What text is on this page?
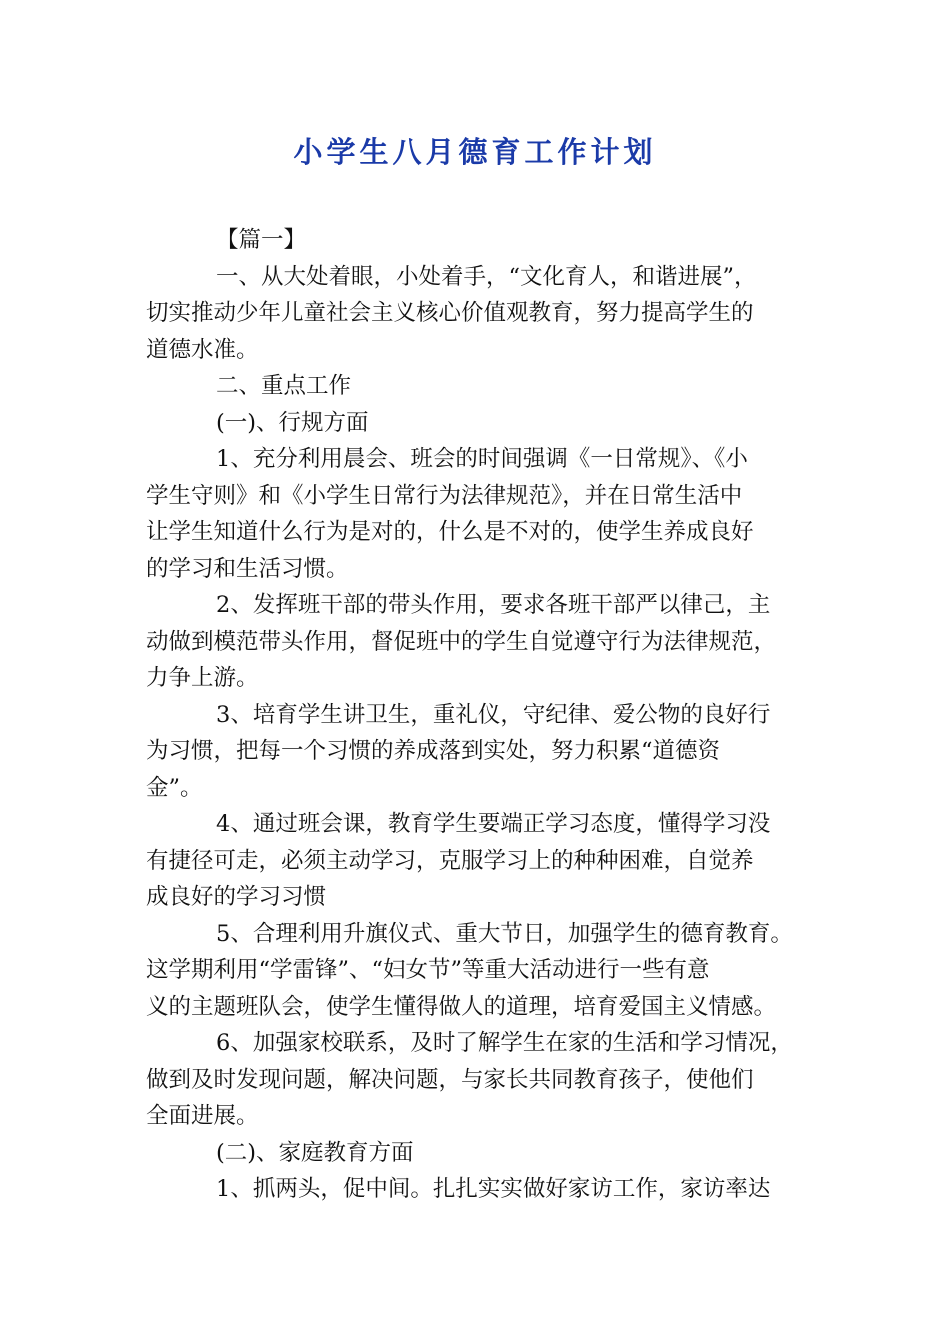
小学生八月德育工作计划
【篇一】
一、从大处着眼，小处着手，“文化育人，和谐进展”，
切实推动少年儿童社会主义核心价值观教育，努力提高学生的
道德水准。
二、重点工作
(一)、行规方面
1、充分利用晨会、班会的时间强调《一日常规》、《小
学生守则》和《小学生日常行为法律规范》，并在日常生活中
让学生知道什么行为是对的，什么是不对的，使学生养成良好
的学习和生活习惯。
2、发挥班干部的带头作用，要求各班干部严以律己，主
动做到模范带头作用，督促班中的学生自觉遵守行为法律规范，
力争上游。
3、培育学生讲卫生，重礼仪，守纪律、爱公物的良好行
为习惯，把每一个习惯的养成落到实处，努力积累“道德资
金”。
4、通过班会课，教育学生要端正学习态度，懂得学习没
有捷径可走，必须主动学习，克服学习上的种种困难，自觉养
成良好的学习习惯
5、合理利用升旗仪式、重大节日，加强学生的德育教育。
这学期利用“学雷锋”、“妇女节”等重大活动进行一些有意
义的主题班队会，使学生懂得做人的道理，培育爱国主义情感。
6、加强家校联系，及时了解学生在家的生活和学习情况，
做到及时发现问题，解决问题，与家长共同教育孩子，使他们
全面进展。
(二)、家庭教育方面
1、抓两头，促中间。扎扎实实做好家访工作，家访率达
